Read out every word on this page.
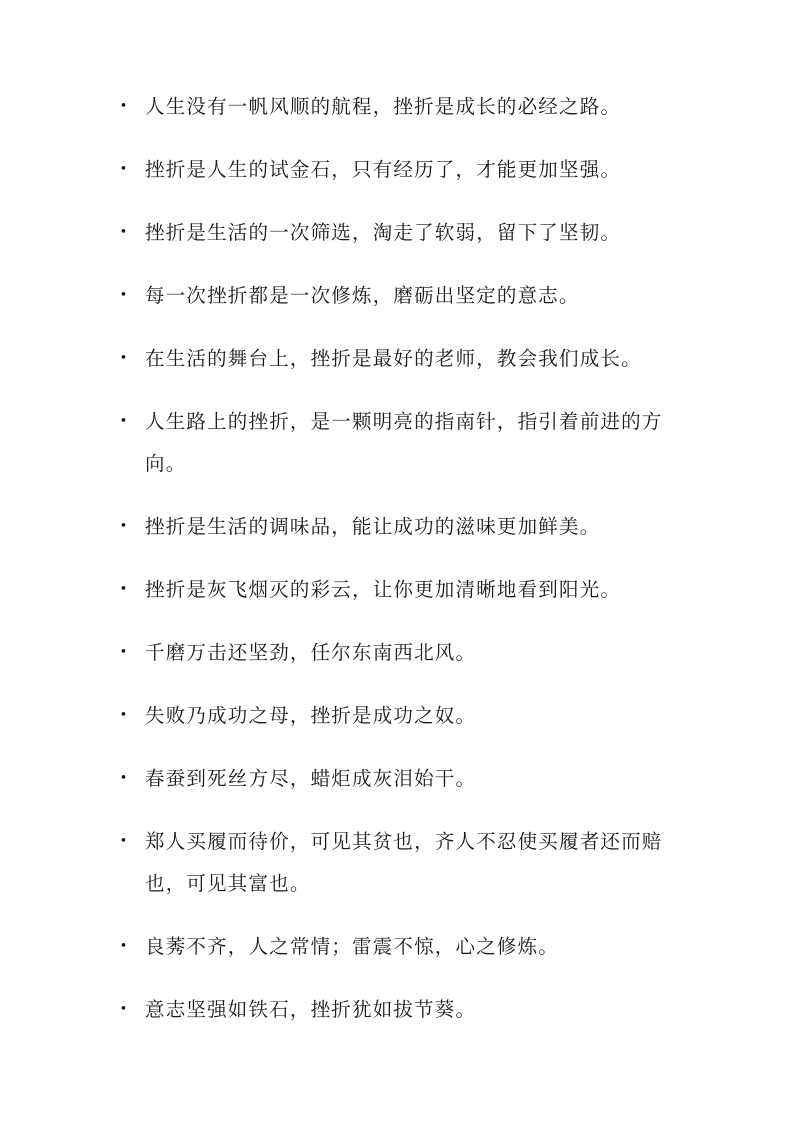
• 人生没有一帆风顺的航程，挫折是成长的必经之路。
• 挫折是人生的试金石，只有经历了，才能更加坚强。
• 挫折是生活的一次筛选，淘走了软弱，留下了坚韧。
• 每一次挫折都是一次修炼，磨砺出坚定的意志。
• 在生活的舞台上，挫折是最好的老师，教会我们成长。
• 人生路上的挫折，是一颗明亮的指南针，指引着前进的方向。
• 挫折是生活的调味品，能让成功的滋味更加鲜美。
• 挫折是灰飞烟灭的彩云，让你更加清晰地看到阳光。
• 千磨万击还坚劲，任尔东南西北风。
• 失败乃成功之母，挫折是成功之奴。
• 春蚕到死丝方尽，蜡炬成灰泪始干。
• 郑人买履而待价，可见其贫也，齐人不忍使买履者还而赔也，可见其富也。
• 良莠不齐，人之常情；雷震不惊，心之修炼。
• 意志坚强如铁石，挫折犹如拔节葵。
